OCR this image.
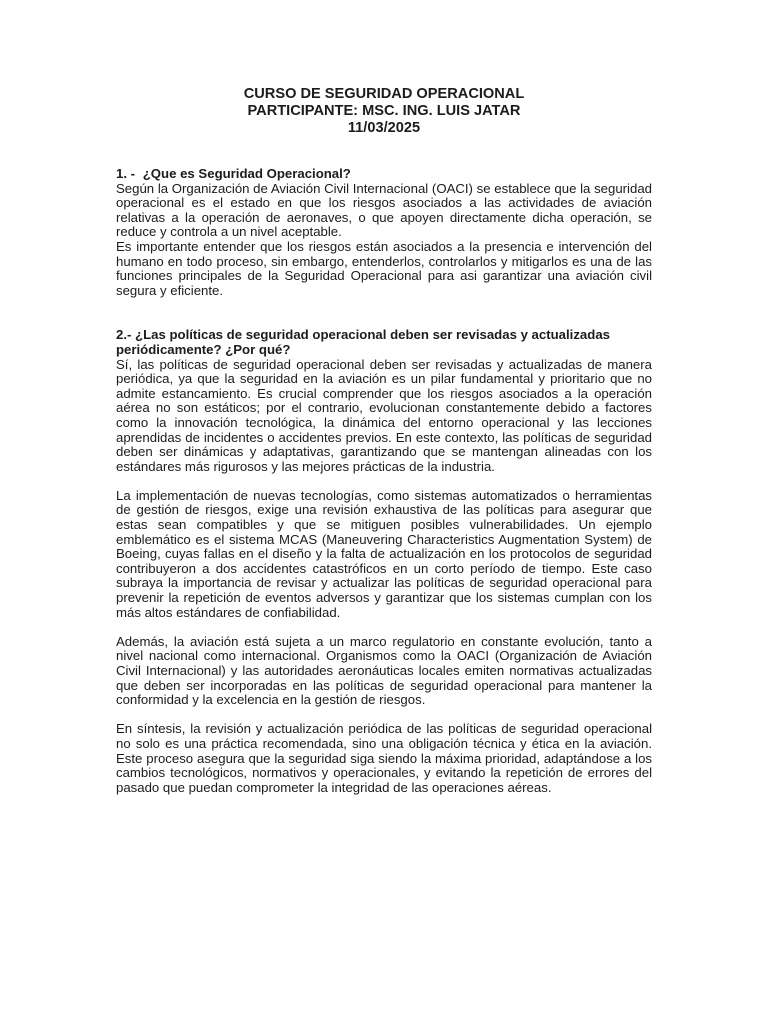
CURSO DE SEGURIDAD OPERACIONAL
PARTICIPANTE: MSC. ING. LUIS JATAR
11/03/2025
1. - ¿Que es Seguridad Operacional?

Según la Organización de Aviación Civil Internacional (OACI) se establece que la seguridad operacional es el estado en que los riesgos asociados a las actividades de aviación relativas a la operación de aeronaves, o que apoyen directamente dicha operación, se reduce y controla a un nivel aceptable.

Es importante entender que los riesgos están asociados a la presencia e intervención del humano en todo proceso, sin embargo, entenderlos, controlarlos y mitigarlos es una de las funciones principales de la Seguridad Operacional para asi garantizar una aviación civil segura y eficiente.

2.- ¿Las políticas de seguridad operacional deben ser revisadas y actualizadas periódicamente? ¿Por qué?

Sí, las políticas de seguridad operacional deben ser revisadas y actualizadas de manera periódica, ya que la seguridad en la aviación es un pilar fundamental y prioritario que no admite estancamiento. Es crucial comprender que los riesgos asociados a la operación aérea no son estáticos; por el contrario, evolucionan constantemente debido a factores como la innovación tecnológica, la dinámica del entorno operacional y las lecciones aprendidas de incidentes o accidentes previos. En este contexto, las políticas de seguridad deben ser dinámicas y adaptativas, garantizando que se mantengan alineadas con los estándares más rigurosos y las mejores prácticas de la industria.

La implementación de nuevas tecnologías, como sistemas automatizados o herramientas de gestión de riesgos, exige una revisión exhaustiva de las políticas para asegurar que estas sean compatibles y que se mitiguen posibles vulnerabilidades. Un ejemplo emblemático es el sistema MCAS (Maneuvering Characteristics Augmentation System) de Boeing, cuyas fallas en el diseño y la falta de actualización en los protocolos de seguridad contribuyeron a dos accidentes catastróficos en un corto período de tiempo. Este caso subraya la importancia de revisar y actualizar las políticas de seguridad operacional para prevenir la repetición de eventos adversos y garantizar que los sistemas cumplan con los más altos estándares de confiabilidad.

Además, la aviación está sujeta a un marco regulatorio en constante evolución, tanto a nivel nacional como internacional. Organismos como la OACI (Organización de Aviación Civil Internacional) y las autoridades aeronáuticas locales emiten normativas actualizadas que deben ser incorporadas en las políticas de seguridad operacional para mantener la conformidad y la excelencia en la gestión de riesgos.

En síntesis, la revisión y actualización periódica de las políticas de seguridad operacional no solo es una práctica recomendada, sino una obligación técnica y ética en la aviación. Este proceso asegura que la seguridad siga siendo la máxima prioridad, adaptándose a los cambios tecnológicos, normativos y operacionales, y evitando la repetición de errores del pasado que puedan comprometer la integridad de las operaciones aéreas.
